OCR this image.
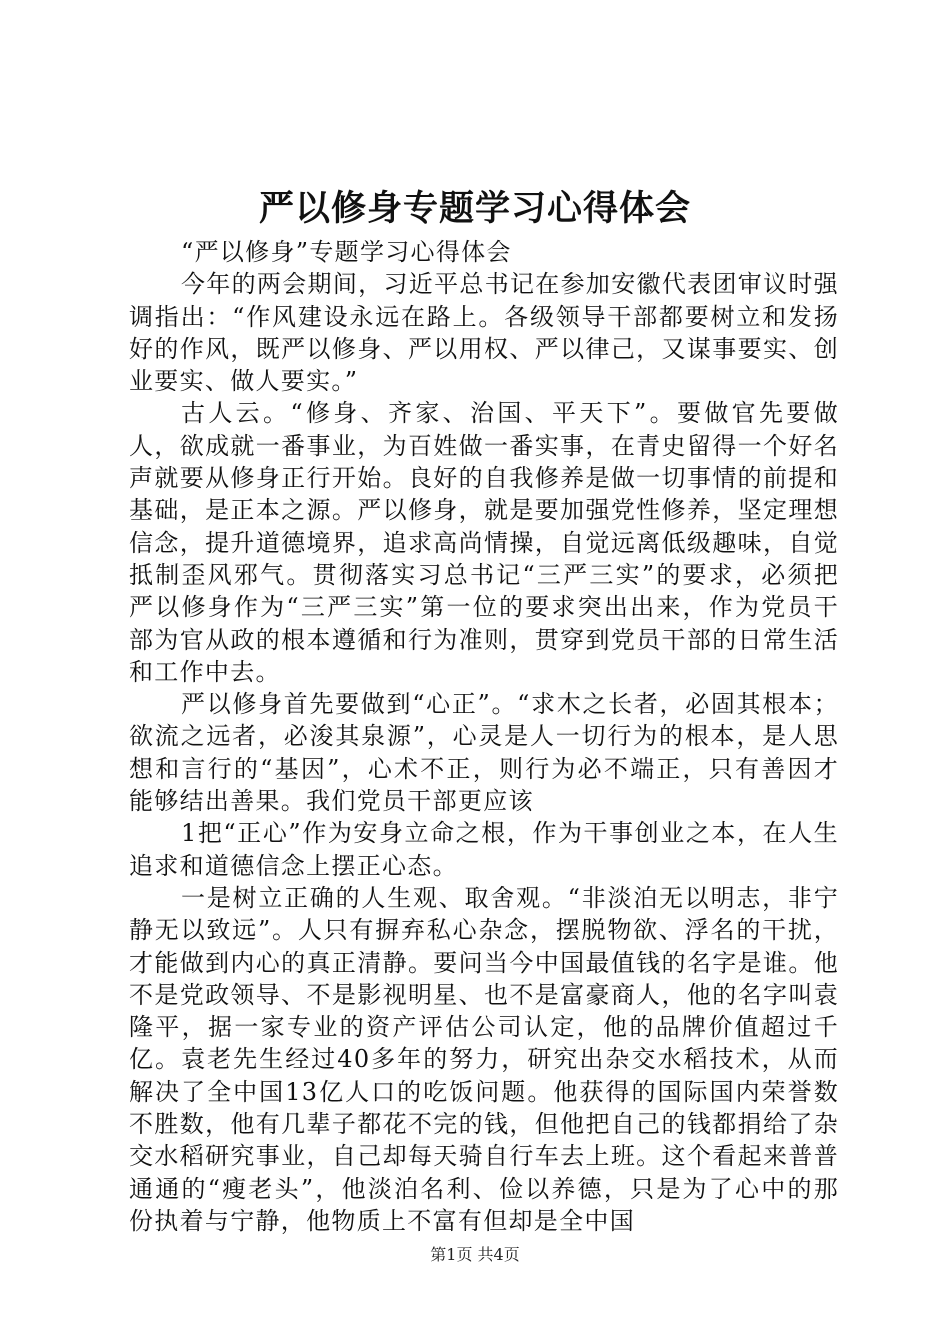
严以修身专题学习心得体会

“严以修身”专题学习心得体会

今年的两会期间，习近平总书记在参加安徽代表团审议时强调指出：“作风建设永远在路上。各级领导干部都要树立和发扬好的作风，既严以修身、严以用权、严以律己，又谋事要实、创业要实、做人要实。”

古人云。“修身、齐家、治国、平天下”。要做官先要做人，欲成就一番事业，为百姓做一番实事，在青史留得一个好名声就要从修身正行开始。良好的自我修养是做一切事情的前提和基础，是正本之源。严以修身，就是要加强党性修养，坚定理想信念，提升道德境界，追求高尚情操，自觉远离低级趣味，自觉抵制歪风邪气。贯彻落实习总书记“三严三实”的要求，必须把严以修身作为“三严三实”第一位的要求突出出来，作为党员干部为官从政的根本遵循和行为准则，贯穿到党员干部的日常生活和工作中去。

严以修身首先要做到“心正”。“求木之长者，必固其根本；欲流之远者，必浚其泉源”，心灵是人一切行为的根本，是人思想和言行的“基因”，心术不正，则行为必不端正，只有善因才能够结出善果。我们党员干部更应该

1把“正心”作为安身立命之根，作为干事创业之本，在人生追求和道德信念上摆正心态。

一是树立正确的人生观、取舍观。“非淡泊无以明志，非宁静无以致远”。人只有摒弃私心杂念，摆脱物欲、浮名的干扰，才能做到内心的真正清静。要问当今中国最值钱的名字是谁。他不是党政领导、不是影视明星、也不是富豪商人，他的名字叫袁隆平，据一家专业的资产评估公司认定，他的品牌价值超过千亿。袁老先生经过40多年的努力，研究出杂交水稻技术，从而解决了全中国13亿人口的吃饭问题。他获得的国际国内荣誉数不胜数，他有几辈子都花不完的钱，但他把自己的钱都捐给了杂交水稻研究事业，自己却每天骑自行车去上班。这个看起来普普通通的“瘦老头”，他淡泊名利、俭以养德，只是为了心中的那份执着与宁静，他物质上不富有但却是全中国

第1页 共4页
